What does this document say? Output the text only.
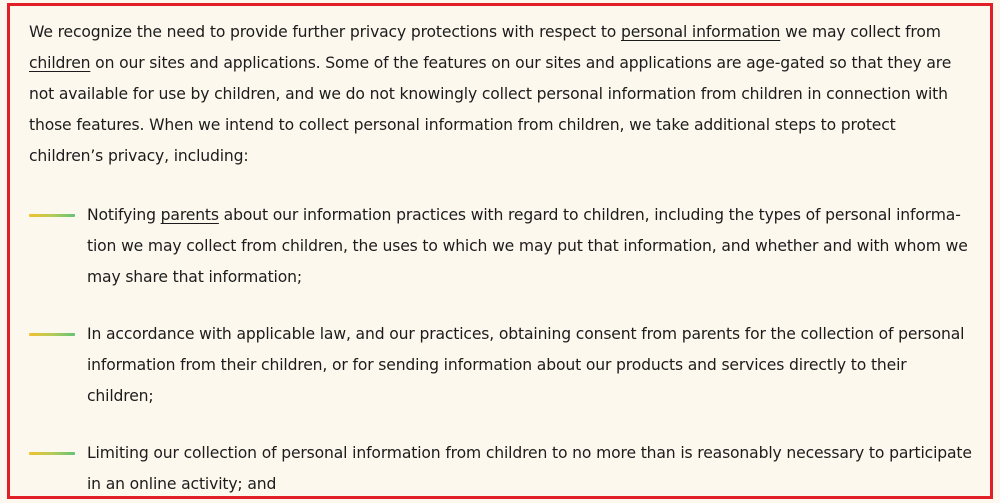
We recognize the need to provide further privacy protections with respect to personal information we may collect from children on our sites and applications. Some of the features on our sites and applications are age-gated so that they are not available for use by children, and we do not knowingly collect personal information from children in connection with those features. When we intend to collect personal information from children, we take additional steps to protect children’s privacy, including:

Notifying parents about our information practices with regard to children, including the types of personal informa-tion we may collect from children, the uses to which we may put that information, and whether and with whom we may share that information;
In accordance with applicable law, and our practices, obtaining consent from parents for the collection of personal information from their children, or for sending information about our products and services directly to their children;
Limiting our collection of personal information from children to no more than is reasonably necessary to participate in an online activity; and
